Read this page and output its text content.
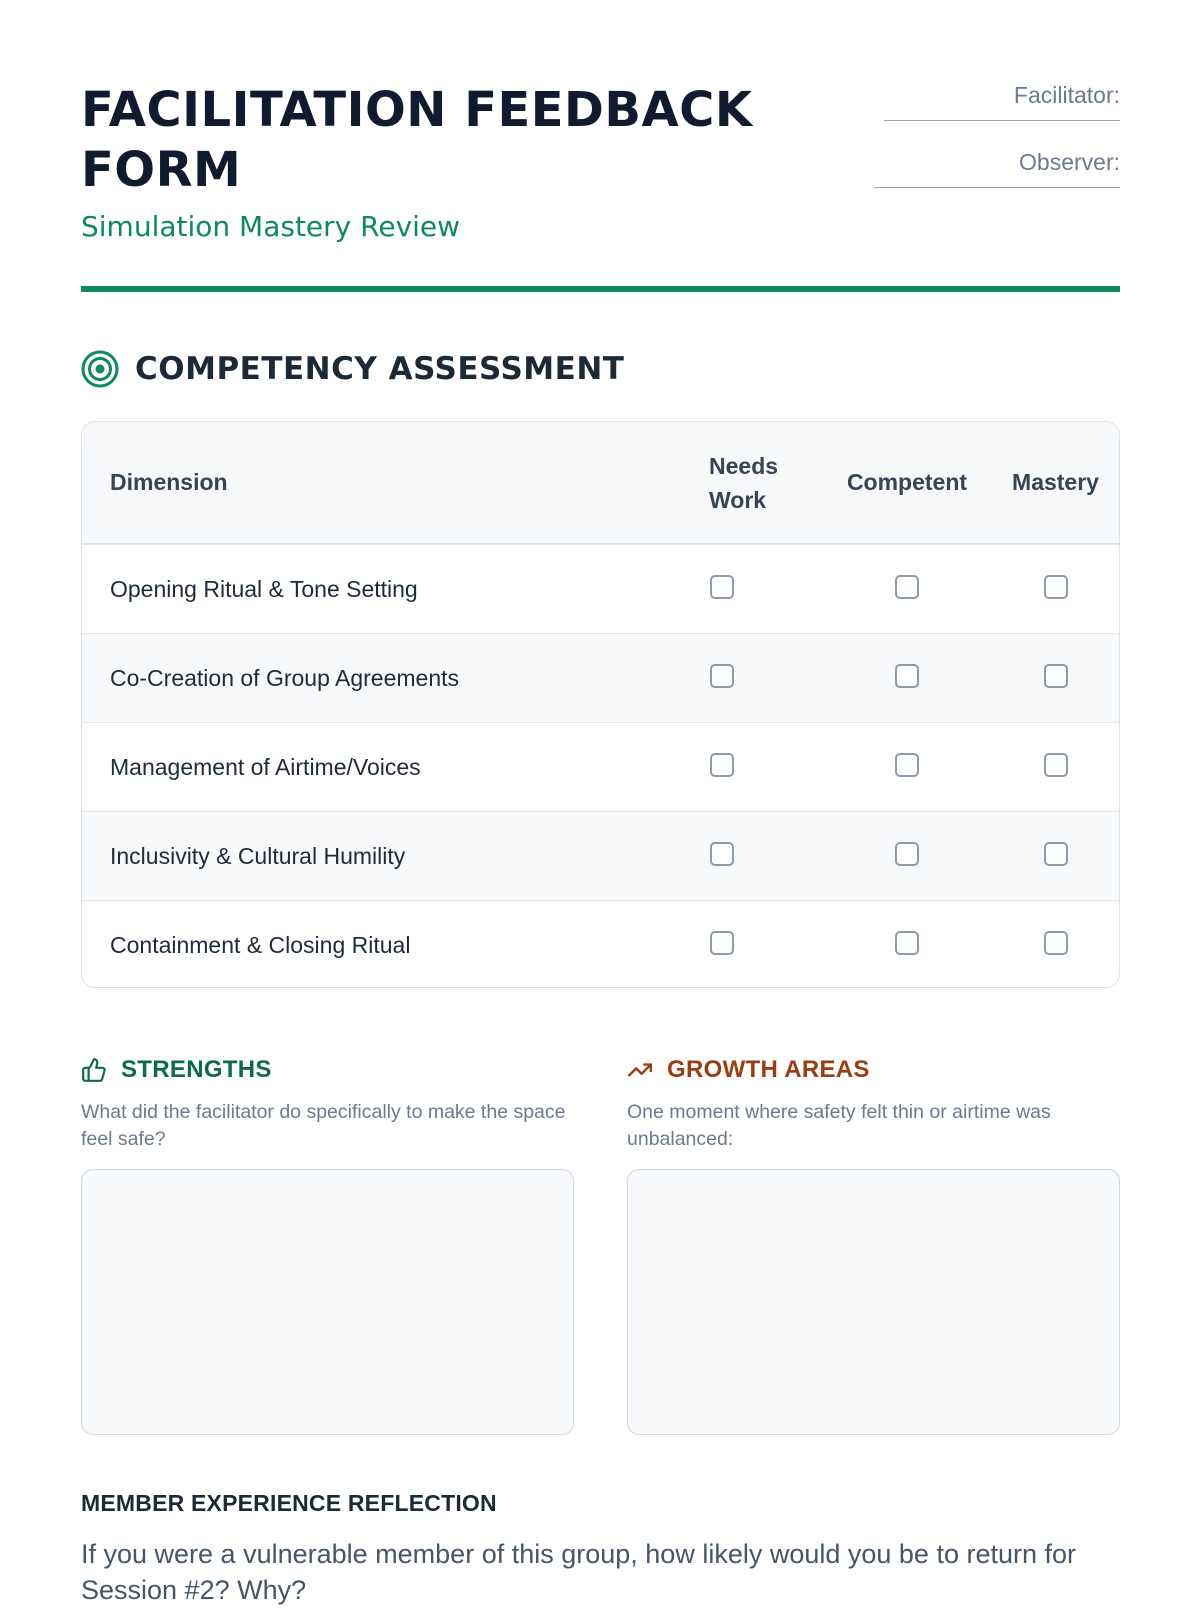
FACILITATION FEEDBACK FORM
Simulation Mastery Review
Facilitator:
Observer:
COMPETENCY ASSESSMENT
Dimension
Needs Work
Competent	Mastery
Opening Ritual & Tone Setting
Co-Creation of Group Agreements
Management of Airtime/Voices
Inclusivity & Cultural Humility
Containment & Closing Ritual
STRENGTHS
What did the facilitator do specifically to make the space feel safe?
GROWTH AREAS
One moment where safety felt thin or airtime was unbalanced:
MEMBER EXPERIENCE REFLECTION
If you were a vulnerable member of this group, how likely would you be to return for Session #2? Why?
